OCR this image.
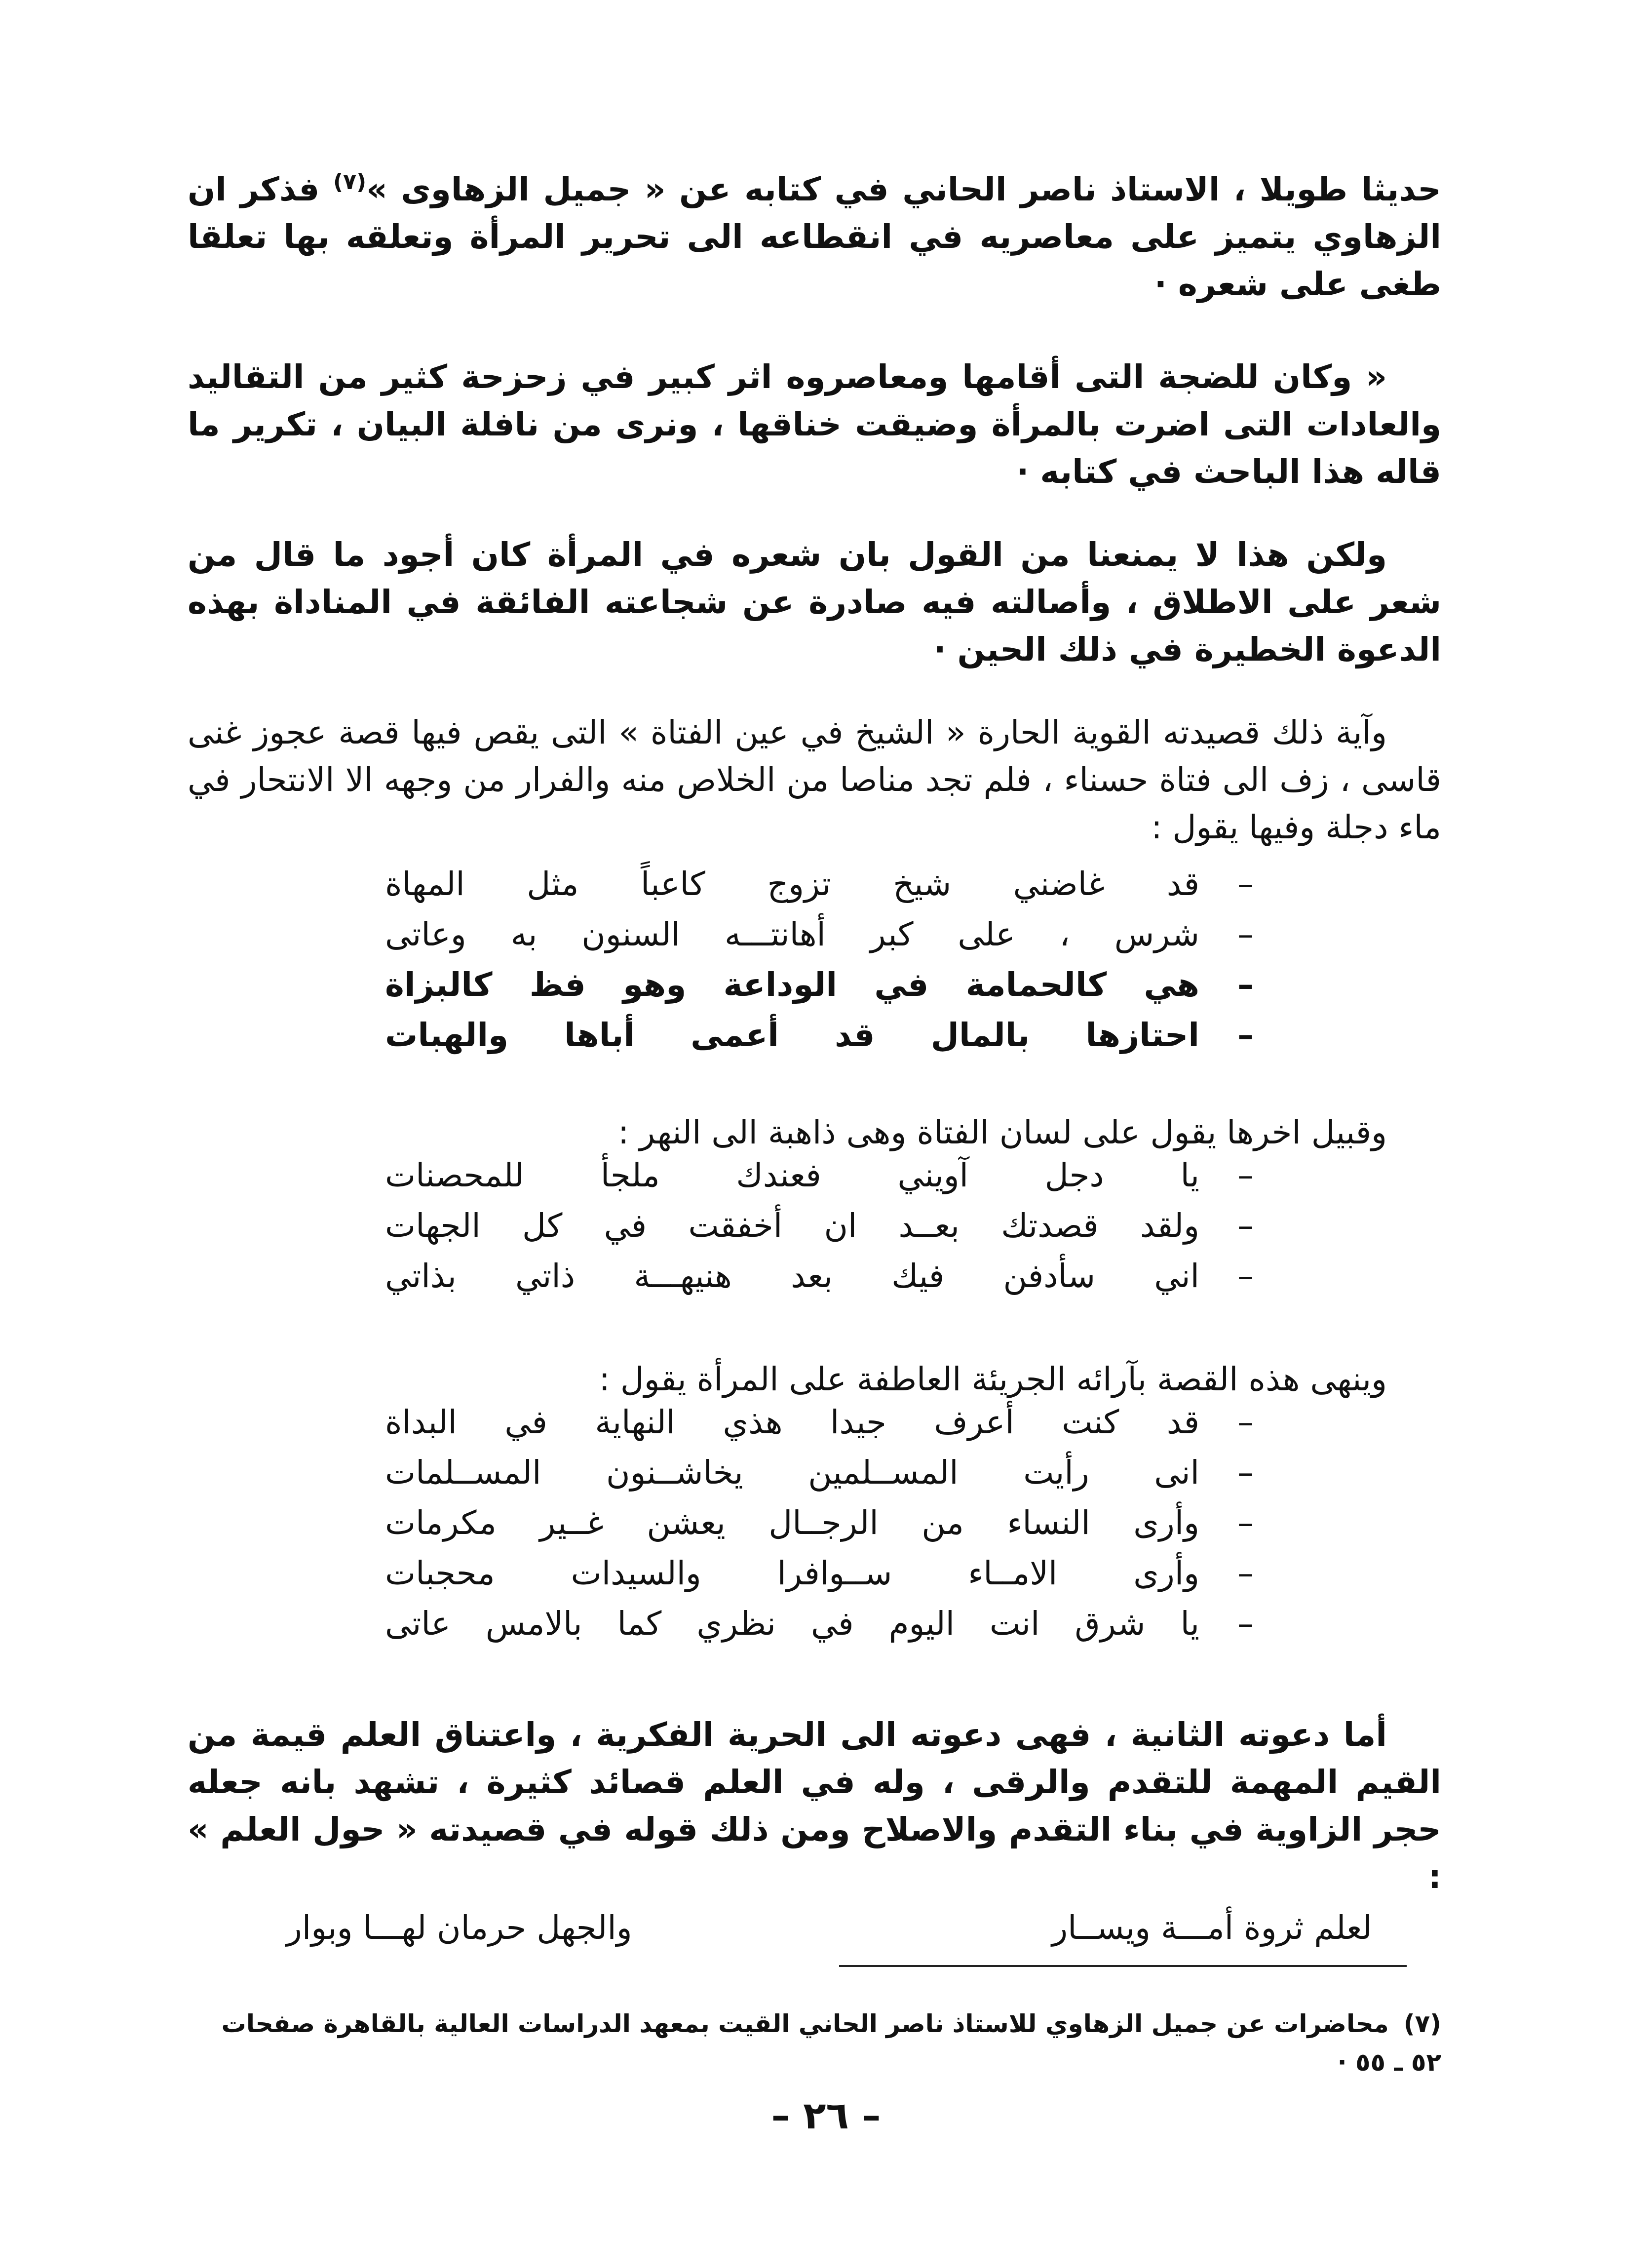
حديثا طويلا ، الاستاذ ناصر الحاني في كتابه عن « جميل الزهاوى »$^{(٧)}$ فذكر ان الزهاوي يتميز على معاصريه في انقطاعه الى تحرير المرأة وتعلقه بها تعلقا طغى على شعره ·

« وكان للضجة التى أقامها ومعاصروه اثر كبير في زحزحة كثير من التقاليد والعادات التى اضرت بالمرأة وضيقت خناقها ، ونرى من نافلة البيان ، تكرير ما قاله هذا الباحث في كتابه ·

ولكن هذا لا يمنعنا من القول بان شعره في المرأة كان أجود ما قال من شعر على الاطلاق ، وأصالته فيه صادرة عن شجاعته الفائقة في المناداة بهذه الدعوة الخطيرة في ذلك الحين ·

وآية ذلك قصيدته القوية الحارة « الشيخ في عين الفتاة » التى يقص فيها قصة عجوز غنى قاسى ، زف الى فتاة حسناء ، فلم تجد مناصا من الخلاص منه والفرار من وجهه الا الانتحار في ماء دجلة وفيها يقول :

–
قد غاضني شيخ تزوج كاعباً مثل المهاة
–
شرس ، على كبر أهانتـــه السنون به وعاتى
–
هي كالحمامة في الوداعة وهو فظ كالبزاة
–
احتازها بالمال قد أعمى أباها والهبات

وقبيل اخرها يقول على لسان الفتاة وهى ذاهبة الى النهر :

–
يا دجل آويني فعندك ملجأ للمحصنات
–
ولقد قصدتك بعــد ان أخفقت في كل الجهات
–
اني سأدفن فيك بعد هنيهـــة ذاتي بذاتي

وينهى هذه القصة بآرائه الجريئة العاطفة على المرأة يقول :

–
قد كنت أعرف جيدا هذي النهاية في البداة
–
انى رأيت المســلمين يخاشــنون المســلمات
–
وأرى النساء من الرجــال يعشن غــير مكرمات
–
وأرى الامــاء ســوافرا والسيدات محجبات
–
يا شرق انت اليوم في نظري كما بالامس عاتى

أما دعوته الثانية ، فهى دعوته الى الحرية الفكرية ، واعتناق العلم قيمة من القيم المهمة للتقدم والرقى ، وله في العلم قصائد كثيرة ، تشهد بانه جعله حجر الزاوية في بناء التقدم والاصلاح ومن ذلك قوله في قصيدته « حول العلم » :

لعلم ثروة أمـــة ويســار
والجهل حرمان لهـــا وبوار

(٧)محاضرات عن جميل الزهاوي للاستاذ ناصر الحاني القيت بمعهد الدراسات العالية بالقاهرة صفحات ٥٢ ـ ٥٥ ·

– ٢٦ –
